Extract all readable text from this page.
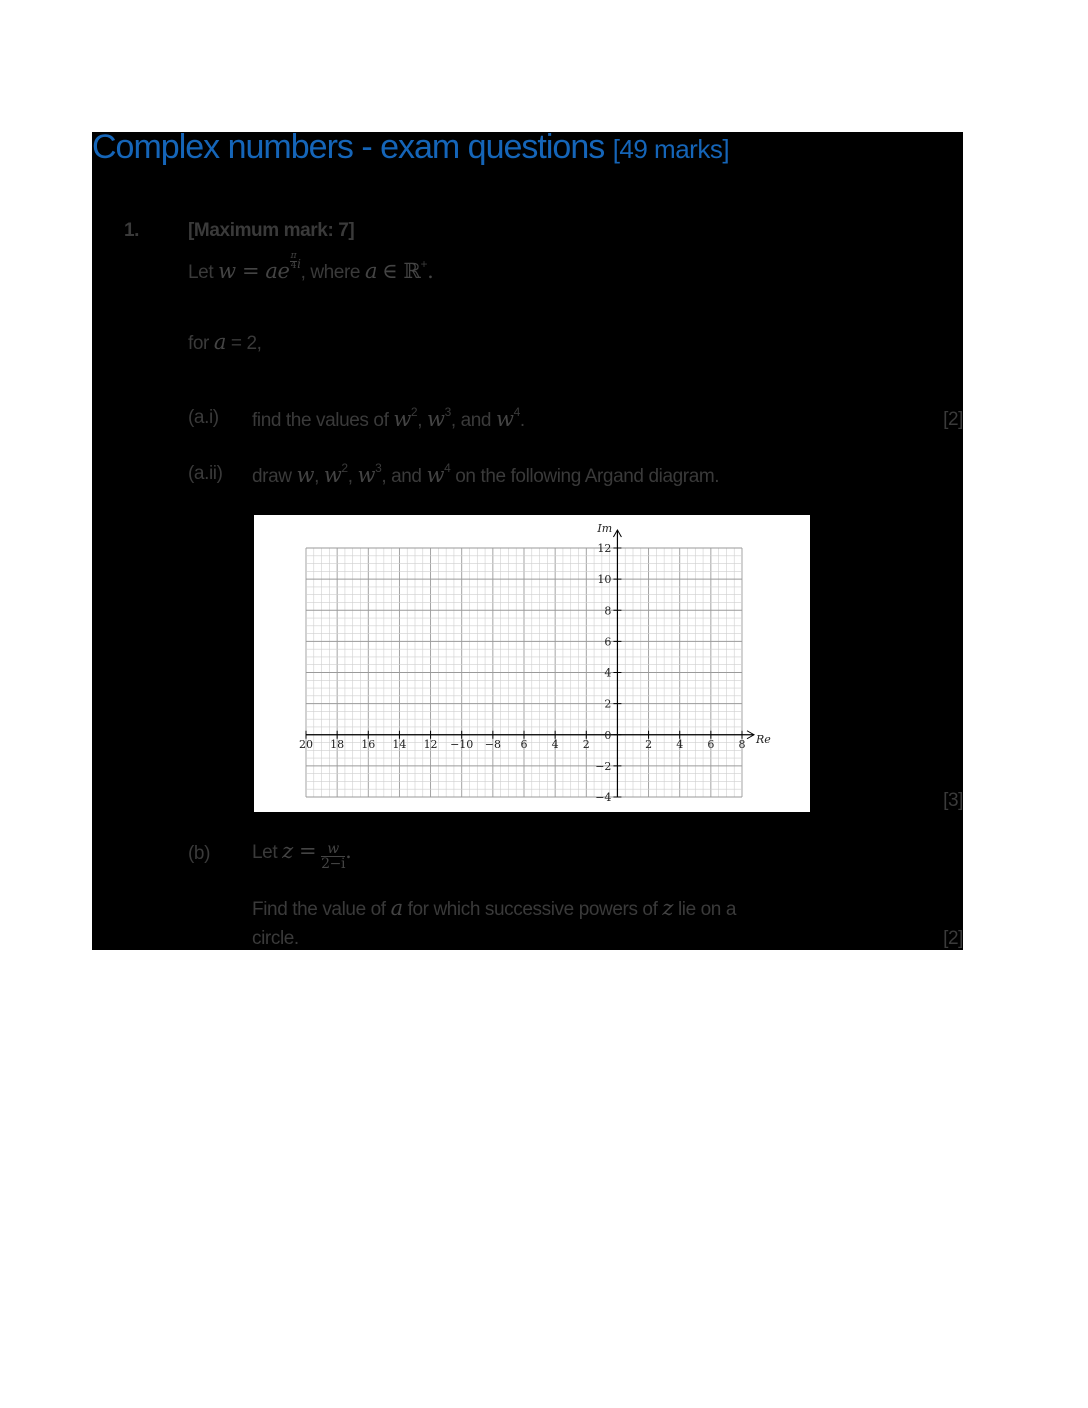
Complex numbers - exam questions [49 marks]
1.	[Maximum mark: 7]
Let w = ae $^{\frac{\pi}{4} i}$, where a ∈ ℝ+.
for a = 2,
(a.i) find the values of $w^2$, $w^3$, and $w^4$.	[2]
(a.ii) draw w, $w^2$, $w^3$, and $w^4$ on the following Argand diagram.
20 18 16 14 12 −10 −8 6 4 2	2 4 6 8
12
10
8
6
4
2
0
−2
−4
Re
Im
[3]
(b) Let $z = \frac{w}{2-i}$ .
Find the value of a for which successive powers of z lie on a
circle.	[2]
